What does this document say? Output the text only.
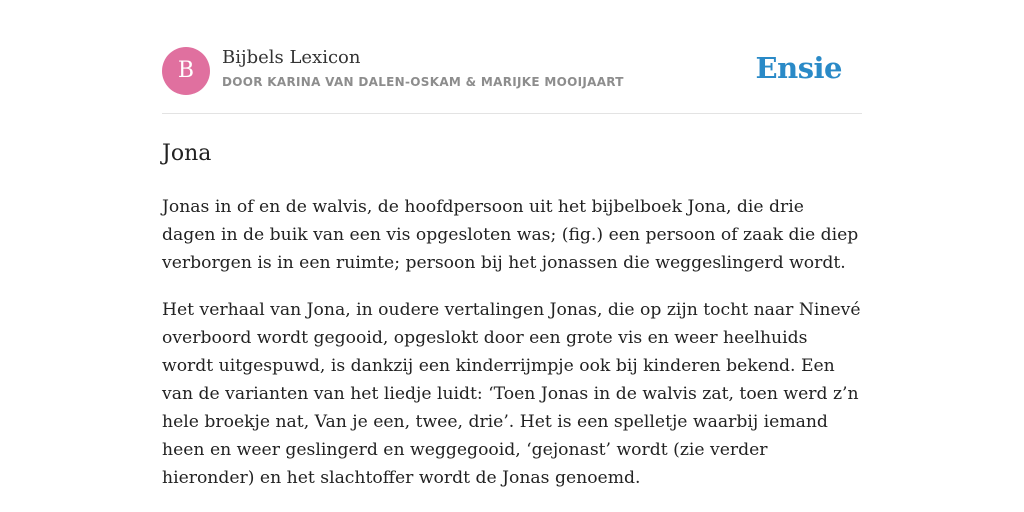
B
Bijbels Lexicon
DOOR KARINA VAN DALEN-OSKAM & MARIJKE MOOIJAART	Ensie
Jona

Jonas in of en de walvis, de hoofdpersoon uit het bijbelboek Jona, die drie dagen in de buik van een vis opgesloten was; (fig.) een persoon of zaak die diep verborgen is in een ruimte; persoon bij het jonassen die weggeslingerd wordt.

Het verhaal van Jona, in oudere vertalingen Jonas, die op zijn tocht naar Ninevé overboord wordt gegooid, opgeslokt door een grote vis en weer heelhuids wordt uitgespuwd, is dankzij een kinderrijmpje ook bij kinderen bekend. Een van de varianten van het liedje luidt: ‘Toen Jonas in de walvis zat, toen werd z’n hele broekje nat, Van je een, twee, drie’. Het is een spelletje waarbij iemand heen en weer geslingerd en weggegooid, ‘gejonast’ wordt (zie verder hieronder) en het slachtoffer wordt de Jonas genoemd.
